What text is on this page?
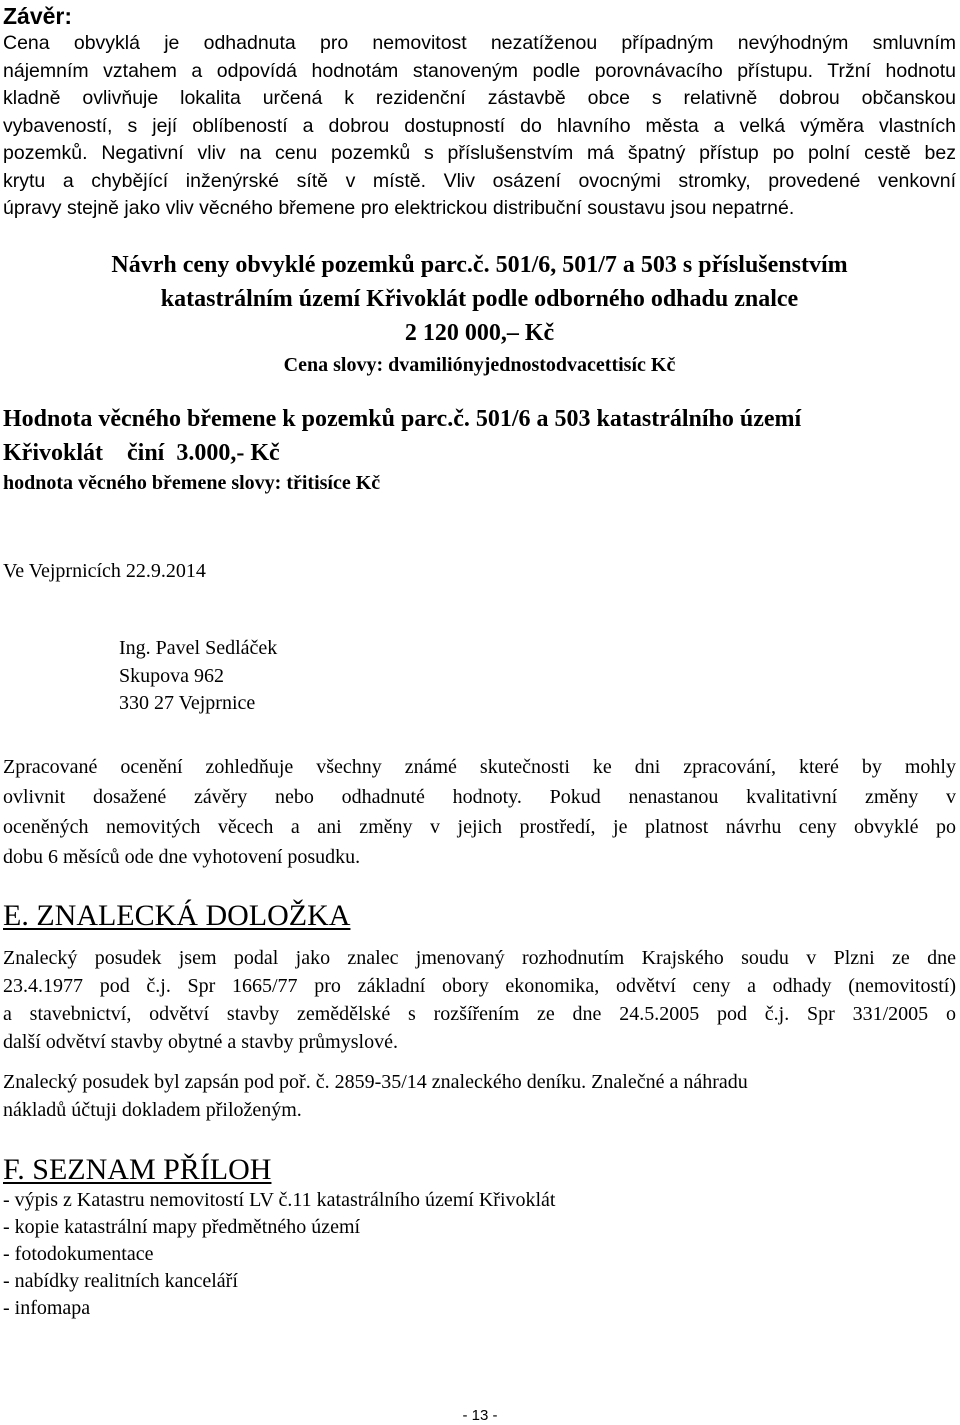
Závěr:
Cena obvyklá je odhadnuta pro nemovitost nezatíženou případným nevýhodným smluvním
nájemním vztahem a odpovídá hodnotám stanoveným podle porovnávacího přístupu. Tržní hodnotu
kladně ovlivňuje lokalita určená k rezidenční zástavbě obce s relativně dobrou občanskou
vybaveností, s její oblíbeností a dobrou dostupností do hlavního města a velká výměra vlastních
pozemků. Negativní vliv na cenu pozemků s příslušenstvím má špatný přístup po polní cestě bez
krytu a chybějící inženýrské sítě v místě. Vliv osázení ovocnými stromky, provedené venkovní
úpravy stejně jako vliv věcného břemene pro elektrickou distribuční soustavu jsou nepatrné.
Návrh ceny obvyklé pozemků parc.č. 501/6, 501/7 a 503 s příslušenstvím
katastrálním území Křivoklát podle odborného odhadu znalce
2 120 000,– Kč
Cena slovy: dvamiliónyjednostodvacettisíc Kč
Hodnota věcného břemene k pozemků parc.č. 501/6 a 503 katastrálního území
Křivoklát    činí  3.000,- Kč
hodnota věcného břemene slovy: třitisíce Kč
Ve Vejprnicích 22.9.2014
Ing. Pavel Sedláček
Skupova 962
330 27 Vejprnice
Zpracované ocenění zohledňuje všechny známé skutečnosti ke dni zpracování, které by mohly
ovlivnit dosažené závěry nebo odhadnuté hodnoty. Pokud nenastanou kvalitativní změny v
oceněných nemovitých věcech a ani změny v jejich prostředí, je platnost návrhu ceny obvyklé po
dobu 6 měsíců ode dne vyhotovení posudku.
E. ZNALECKÁ DOLOŽKA
Znalecký posudek jsem podal jako znalec jmenovaný rozhodnutím Krajského soudu v Plzni ze dne
23.4.1977 pod č.j. Spr 1665/77 pro základní obory ekonomika, odvětví ceny a odhady (nemovitostí)
a stavebnictví, odvětví stavby zemědělské s rozšířením ze dne 24.5.2005 pod č.j. Spr 331/2005 o
další odvětví stavby obytné a stavby průmyslové.
Znalecký posudek byl zapsán pod poř. č. 2859-35/14 znaleckého deníku. Znalečné a náhradu
nákladů účtuji dokladem přiloženým.
F. SEZNAM PŘÍLOH
- výpis z Katastru nemovitostí LV č.11 katastrálního území Křivoklát
- kopie katastrální mapy předmětného území
- fotodokumentace
- nabídky realitních kanceláří
- infomapa
- 13 -
